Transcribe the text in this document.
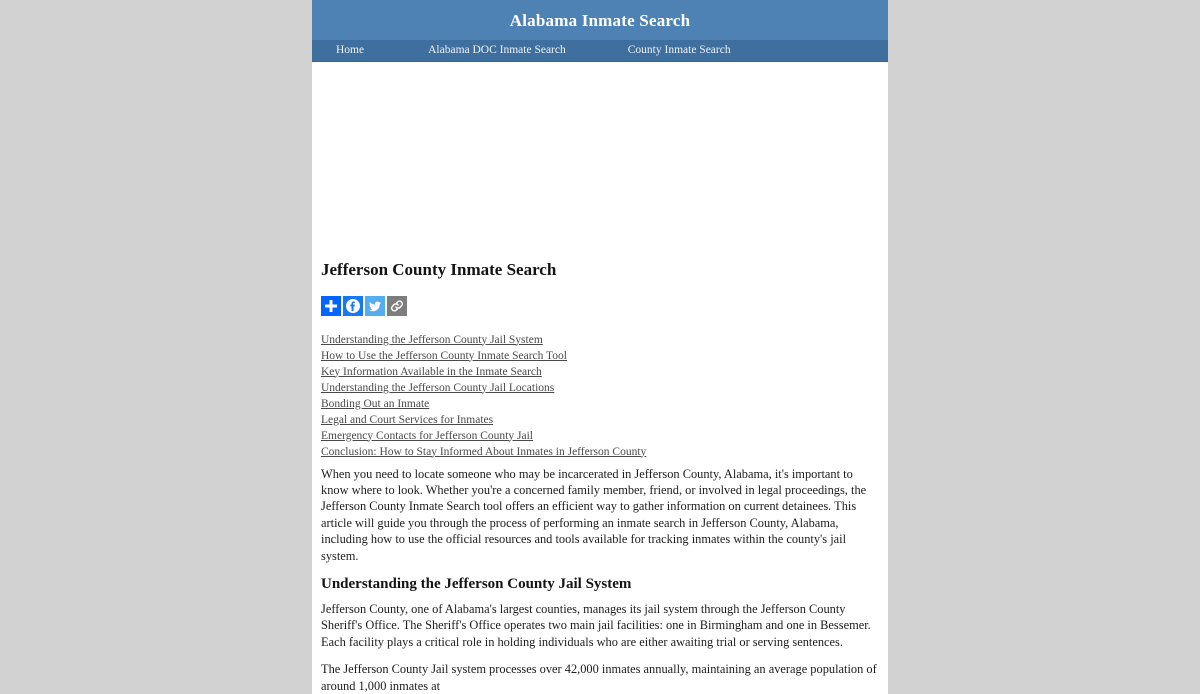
Alabama Inmate Search
Home	Alabama DOC Inmate Search	County Inmate Search
Jefferson County Inmate Search
Understanding the Jefferson County Jail System
How to Use the Jefferson County Inmate Search Tool
Key Information Available in the Inmate Search
Understanding the Jefferson County Jail Locations
Bonding Out an Inmate
Legal and Court Services for Inmates
Emergency Contacts for Jefferson County Jail
Conclusion: How to Stay Informed About Inmates in Jefferson County

When you need to locate someone who may be incarcerated in Jefferson County, Alabama, it's important to know where to look. Whether you're a concerned family member, friend, or involved in legal proceedings, the Jefferson County Inmate Search tool offers an efficient way to gather information on current detainees. This article will guide you through the process of performing an inmate search in Jefferson County, Alabama, including how to use the official resources and tools available for tracking inmates within the county's jail system.

Understanding the Jefferson County Jail System

Jefferson County, one of Alabama's largest counties, manages its jail system through the Jefferson County Sheriff's Office. The Sheriff's Office operates two main jail facilities: one in Birmingham and one in Bessemer. Each facility plays a critical role in holding individuals who are either awaiting trial or serving sentences.

The Jefferson County Jail system processes over 42,000 inmates annually, maintaining an average population of around 1,000 inmates at
